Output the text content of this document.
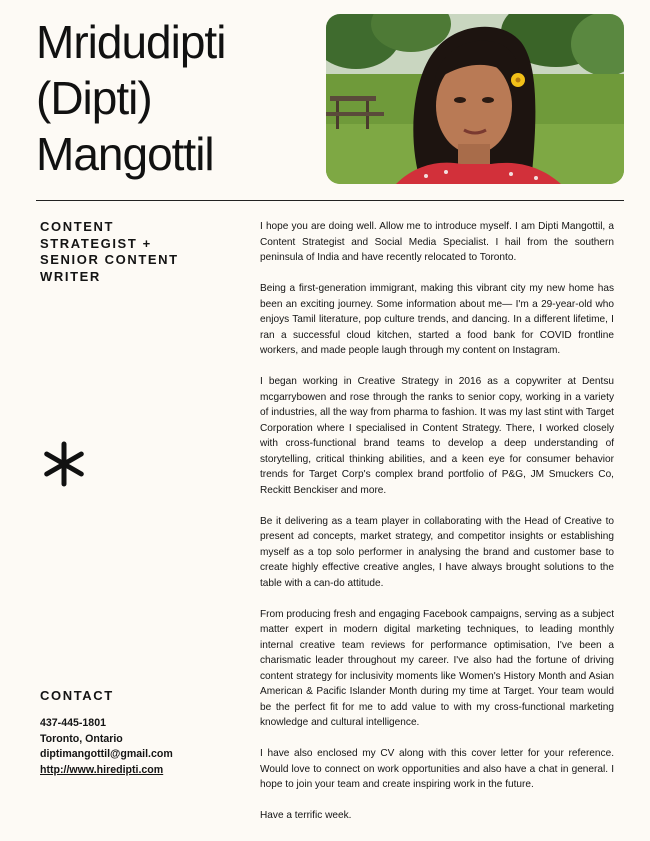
Mridudipti
(Dipti)
Mangottil
CONTENT STRATEGIST + SENIOR CONTENT WRITER
CONTACT
437-445-1801
Toronto, Ontario
diptimangottil@gmail.com
http://www.hiredipti.com

I hope you are doing well. Allow me to introduce myself. I am Dipti Mangottil, a Content Strategist and Social Media Specialist. I hail from the southern peninsula of India and have recently relocated to Toronto.

Being a first-generation immigrant, making this vibrant city my new home has been an exciting journey. Some information about me— I'm a 29-year-old who enjoys Tamil literature, pop culture trends, and dancing. In a different lifetime, I ran a successful cloud kitchen, started a food bank for COVID frontline workers, and made people laugh through my content on Instagram.

I began working in Creative Strategy in 2016 as a copywriter at Dentsu mcgarrybowen and rose through the ranks to senior copy, working in a variety of industries, all the way from pharma to fashion. It was my last stint with Target Corporation where I specialised in Content Strategy. There, I worked closely with cross-functional brand teams to develop a deep understanding of storytelling, critical thinking abilities, and a keen eye for consumer behavior trends for Target Corp's complex brand portfolio of P&G, JM Smuckers Co, Reckitt Benckiser and more.

Be it delivering as a team player in collaborating with the Head of Creative to present ad concepts, market strategy, and competitor insights or establishing myself as a top solo performer in analysing the brand and customer base to create highly effective creative angles, I have always brought solutions to the table with a can-do attitude.

From producing fresh and engaging Facebook campaigns, serving as a subject matter expert in modern digital marketing techniques, to leading monthly internal creative team reviews for performance optimisation, I've been a charismatic leader throughout my career. I've also had the fortune of driving content strategy for inclusivity moments like Women's History Month and Asian American & Pacific Islander Month during my time at Target. Your team would be the perfect fit for me to add value to with my cross-functional marketing knowledge and cultural intelligence.

I have also enclosed my CV along with this cover letter for your reference. Would love to connect on work opportunities and also have a chat in general. I hope to join your team and create inspiring work in the future.

Have a terrific week.
